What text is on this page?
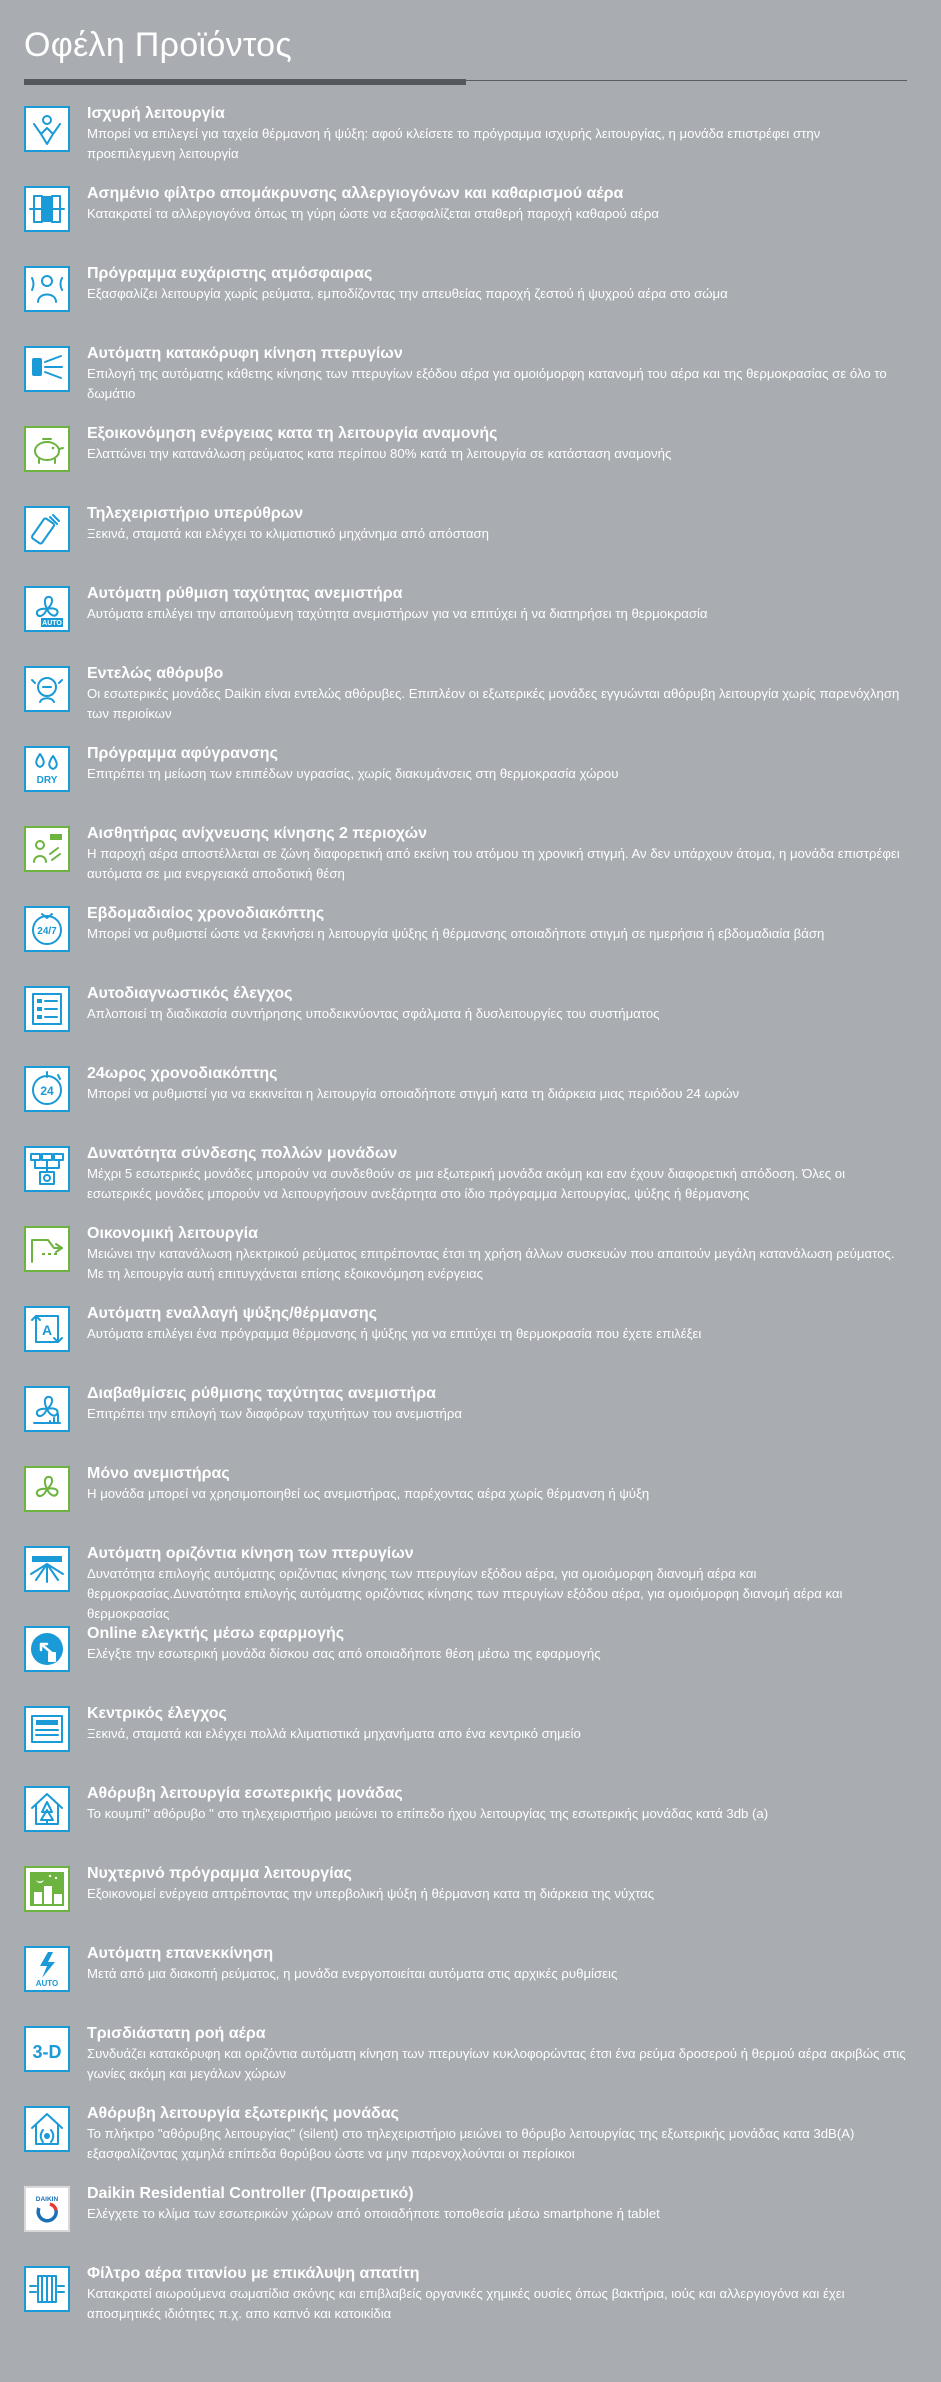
Οφέλη Προϊόντος
Ισχυρή λειτουργία
Μπορεί να επιλεγεί για ταχεία θέρμανση ή ψύξη: αφού κλείσετε το πρόγραμμα ισχυρής λειτουργίας, η μονάδα επιστρέφει στην προεπιλεγμενη λειτουργία
Ασημένιο φίλτρο απομάκρυνσης αλλεργιογόνων και καθαρισμού αέρα
Κατακρατεί τα αλλεργιογόνα όπως τη γύρη ώστε να εξασφαλίζεται σταθερή παροχή καθαρού αέρα
Πρόγραμμα ευχάριστης ατμόσφαιρας
Εξασφαλίζει λειτουργία χωρίς ρεύματα, εμποδίζοντας την απευθείας παροχή ζεστού ή ψυχρού αέρα στο σώμα
Αυτόματη κατακόρυφη κίνηση πτερυγίων
Επιλογή της αυτόματης κάθετης κίνησης των πτερυγίων εξόδου αέρα για ομοιόμορφη κατανομή του αέρα και της θερμοκρασίας σε όλο το δωμάτιο
Εξοικονόμηση ενέργειας κατα τη λειτουργία αναμονής
Ελαττώνει την κατανάλωση ρεύματος κατα περίπου 80% κατά τη λειτουργία σε κατάσταση αναμονής
Τηλεχειριστήριο υπερύθρων
Ξεκινά, σταματά και ελέγχει το κλιματιστικό μηχάνημα από απόσταση
AUTO
Αυτόματη ρύθμιση ταχύτητας ανεμιστήρα
Αυτόματα επιλέγει την απαιτούμενη ταχύτητα ανεμιστήρων για να επιτύχει ή να διατηρήσει τη θερμοκρασία
Εντελώς αθόρυβο
Οι εσωτερικές μονάδες Daikin είναι εντελώς αθόρυβες. Επιπλέον οι εξωτερικές μονάδες εγγυώνται αθόρυβη λειτουργία χωρίς παρενόχληση των περιοίκων
DRY
Πρόγραμμα αφύγρανσης
Επιτρέπει τη μείωση των επιπέδων υγρασίας, χωρίς διακυμάνσεις στη θερμοκρασία χώρου
Αισθητήρας ανίχνευσης κίνησης 2 περιοχών
Η παροχή αέρα αποστέλλεται σε ζώνη διαφορετική από εκείνη του ατόμου τη χρονική στιγμή. Αν δεν υπάρχουν άτομα, η μονάδα επιστρέφει αυτόματα σε μια ενεργειακά αποδοτική θέση
24/7
Εβδομαδιαίος χρονοδιακόπτης
Μπορεί να ρυθμιστεί ώστε να ξεκινήσει η λειτουργία ψύξης ή θέρμανσης οποιαδήποτε στιγμή σε ημερήσια ή εβδομαδιαία βάση
Αυτοδιαγνωστικός έλεγχος
Απλοποιεί τη διαδικασία συντήρησης υποδεικνύοντας σφάλματα ή δυσλειτουργίες του συστήματος
24
24ωρος χρονοδιακόπτης
Μπορεί να ρυθμιστεί για να εκκινείται η λειτουργία οποιαδήποτε στιγμή κατα τη διάρκεια μιας περιόδου 24 ωρών
Δυνατότητα σύνδεσης πολλών μονάδων
Μέχρι 5 εσωτερικές μονάδες μπορούν να συνδεθούν σε μια εξωτερική μονάδα ακόμη και εαν έχουν διαφορετική απόδοση. Όλες οι εσωτερικές μονάδες μπορούν να λειτουργήσουν ανεξάρτητα στο ίδιο πρόγραμμα λειτουργίας, ψύξης ή θέρμανσης
Οικονομική λειτουργία
Μειώνει την κατανάλωση ηλεκτρικού ρεύματος επιτρέποντας έτσι τη χρήση άλλων συσκευών που απαιτούν μεγάλη κατανάλωση ρεύματος. Με τη λειτουργία αυτή επιτυγχάνεται επίσης εξοικονόμηση ενέργειας
A
Αυτόματη εναλλαγή ψύξης/θέρμανσης
Αυτόματα επιλέγει ένα πρόγραμμα θέρμανσης ή ψύξης για να επιτύχει τη θερμοκρασία που έχετε επιλέξει
Διαβαθμίσεις ρύθμισης ταχύτητας ανεμιστήρα
Επιτρέπει την επιλογή των διαφόρων ταχυτήτων του ανεμιστήρα
Μόνο ανεμιστήρας
Η μονάδα μπορεί να χρησιμοποιηθεί ως ανεμιστήρας, παρέχοντας αέρα χωρίς θέρμανση ή ψύξη
Αυτόματη οριζόντια κίνηση των πτερυγίων
Δυνατότητα επιλογής αυτόματης οριζόντιας κίνησης των πτερυγίων εξόδου αέρα, για ομοιόμορφη διανομή αέρα και θερμοκρασίας.Δυνατότητα επιλογής αυτόματης οριζόντιας κίνησης των πτερυγίων εξόδου αέρα, για ομοιόμορφη διανομή αέρα και θερμοκρασίας
Online ελεγκτής μέσω εφαρμογής
Ελέγξτε την εσωτερική μονάδα δίσκου σας από οποιαδήποτε θέση μέσω της εφαρμογής
Κεντρικός έλεγχος
Ξεκινά, σταματά και ελέγχει πολλά κλιματιστικά μηχανήματα απο ένα κεντρικό σημείο
Αθόρυβη λειτουργία εσωτερικής μονάδας
Το κουμπί" αθόρυβο " στο τηλεχειριστήριο μειώνει το επίπεδο ήχου λειτουργίας της εσωτερικής μονάδας κατά 3db (a)
Νυχτερινό πρόγραμμα λειτουργίας
Εξοικονομεί ενέργεια απτρέποντας την υπερβολική ψύξη ή θέρμανση κατα τη διάρκεια της νύχτας
AUTO
Αυτόματη επανεκκίνηση
Μετά από μια διακοπή ρεύματος, η μονάδα ενεργοποιείται αυτόματα στις αρχικές ρυθμίσεις
3-D
Τρισδιάστατη ροή αέρα
Συνδυάζει κατακόρυφη και οριζόντια αυτόματη κίνηση των πτερυγίων κυκλοφορώντας έτσι ένα ρεύμα δροσερού ή θερμού αέρα ακριβώς στις γωνίες ακόμη και μεγάλων χώρων
Αθόρυβη λειτουργία εξωτερικής μονάδας
Το πλήκτρο "αθόρυβης λειτουργίας" (silent) στο τηλεχειριστήριο μειώνει το θόρυβο λειτουργίας της εξωτερικής μονάδας κατα 3dB(A) εξασφαλίζοντας χαμηλά επίπεδα θορύβου ώστε να μην παρενοχλούνται οι περίοικοι
DAIKIN Daikin Residential Controller (Προαιρετικό)
Ελέγχετε το κλίμα των εσωτερικών χώρων από οποιαδήποτε τοποθεσία μέσω smartphone ή tablet
Φίλτρο αέρα τιτανίου με επικάλυψη απατίτη
Κατακρατεί αιωρούμενα σωματίδια σκόνης και επιβλαβείς οργανικές χημικές ουσίες όπως βακτήρια, ιούς και αλλεργιογόνα και έχει αποσμητικές ιδιότητες π.χ. απο καπνό και κατοικίδια
